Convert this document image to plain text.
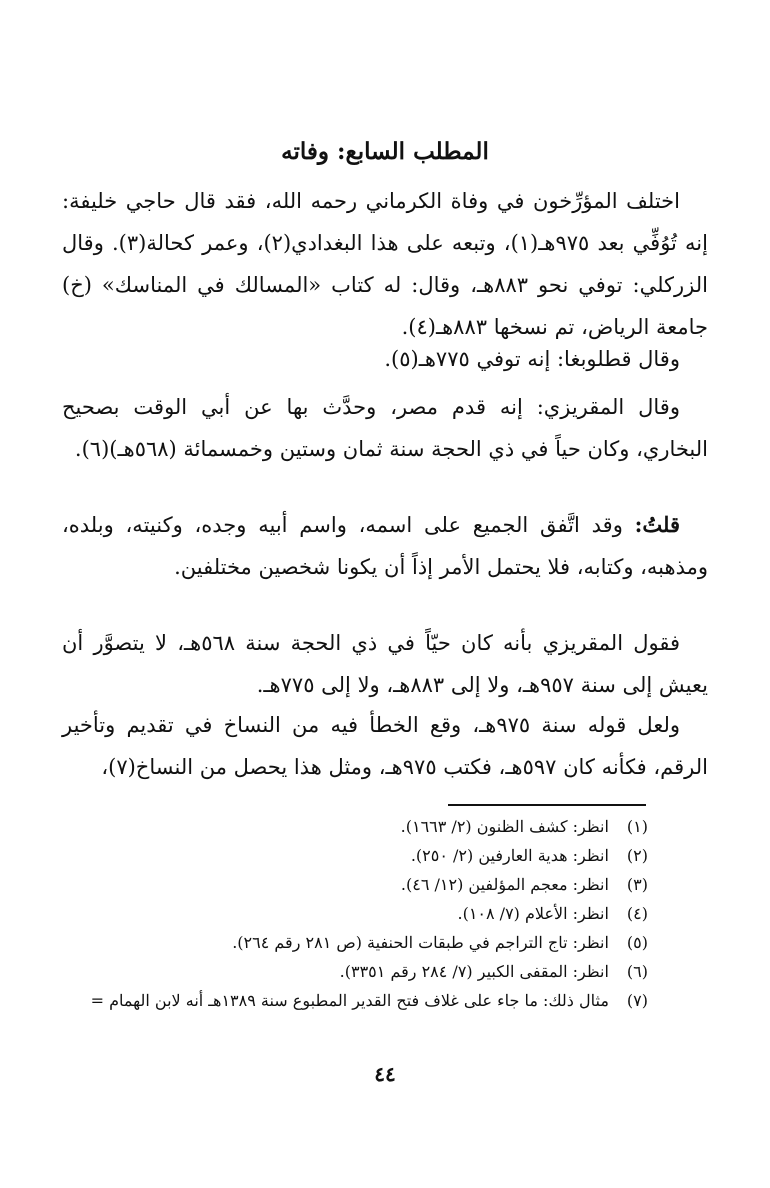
المطلب السابع: وفاته

اختلف المؤرِّخون في وفاة الكرماني رحمه الله، فقد قال حاجي خليفة: إنه تُوُفِّي بعد ٩٧٥هـ(١)، وتبعه على هذا البغدادي(٢)، وعمر كحالة(٣). وقال الزركلي: توفي نحو ٨٨٣هـ، وقال: له كتاب «المسالك في المناسك» (خ) جامعة الرياض، تم نسخها ٨٨٣هـ(٤).

وقال قطلوبغا: إنه توفي ٧٧٥هـ(٥).

وقال المقريزي: إنه قدم مصر، وحدَّث بها عن أبي الوقت بصحيح البخاري، وكان حياً في ذي الحجة سنة ثمان وستين وخمسمائة (٥٦٨هـ)(٦).

قلتُ: وقد اتَّفق الجميع على اسمه، واسم أبيه وجده، وكنيته، وبلده، ومذهبه، وكتابه، فلا يحتمل الأمر إذاً أن يكونا شخصين مختلفين.

فقول المقريزي بأنه كان حيّاً في ذي الحجة سنة ٥٦٨هـ، لا يتصوَّر أن يعيش إلى سنة ٩٥٧هـ، ولا إلى ٨٨٣هـ، ولا إلى ٧٧٥هـ.

ولعل قوله سنة ٩٧٥هـ، وقع الخطأ فيه من النساخ في تقديم وتأخير الرقم، فكأنه كان ٥٩٧هـ، فكتب ٩٧٥هـ، ومثل هذا يحصل من النساخ(٧)،

(١) انظر: كشف الظنون (٢/ ١٦٦٣).
(٢) انظر: هدية العارفين (٢/ ٢٥٠).
(٣) انظر: معجم المؤلفين (١٢/ ٤٦).
(٤) انظر: الأعلام (٧/ ١٠٨).
(٥) انظر: تاج التراجم في طبقات الحنفية (ص ٢٨١ رقم ٢٦٤).
(٦) انظر: المقفى الكبير (٧/ ٢٨٤ رقم ٣٣٥١).
(٧) مثال ذلك: ما جاء على غلاف فتح القدير المطبوع سنة ١٣٨٩هـ أنه لابن الهمام =
٤٤
